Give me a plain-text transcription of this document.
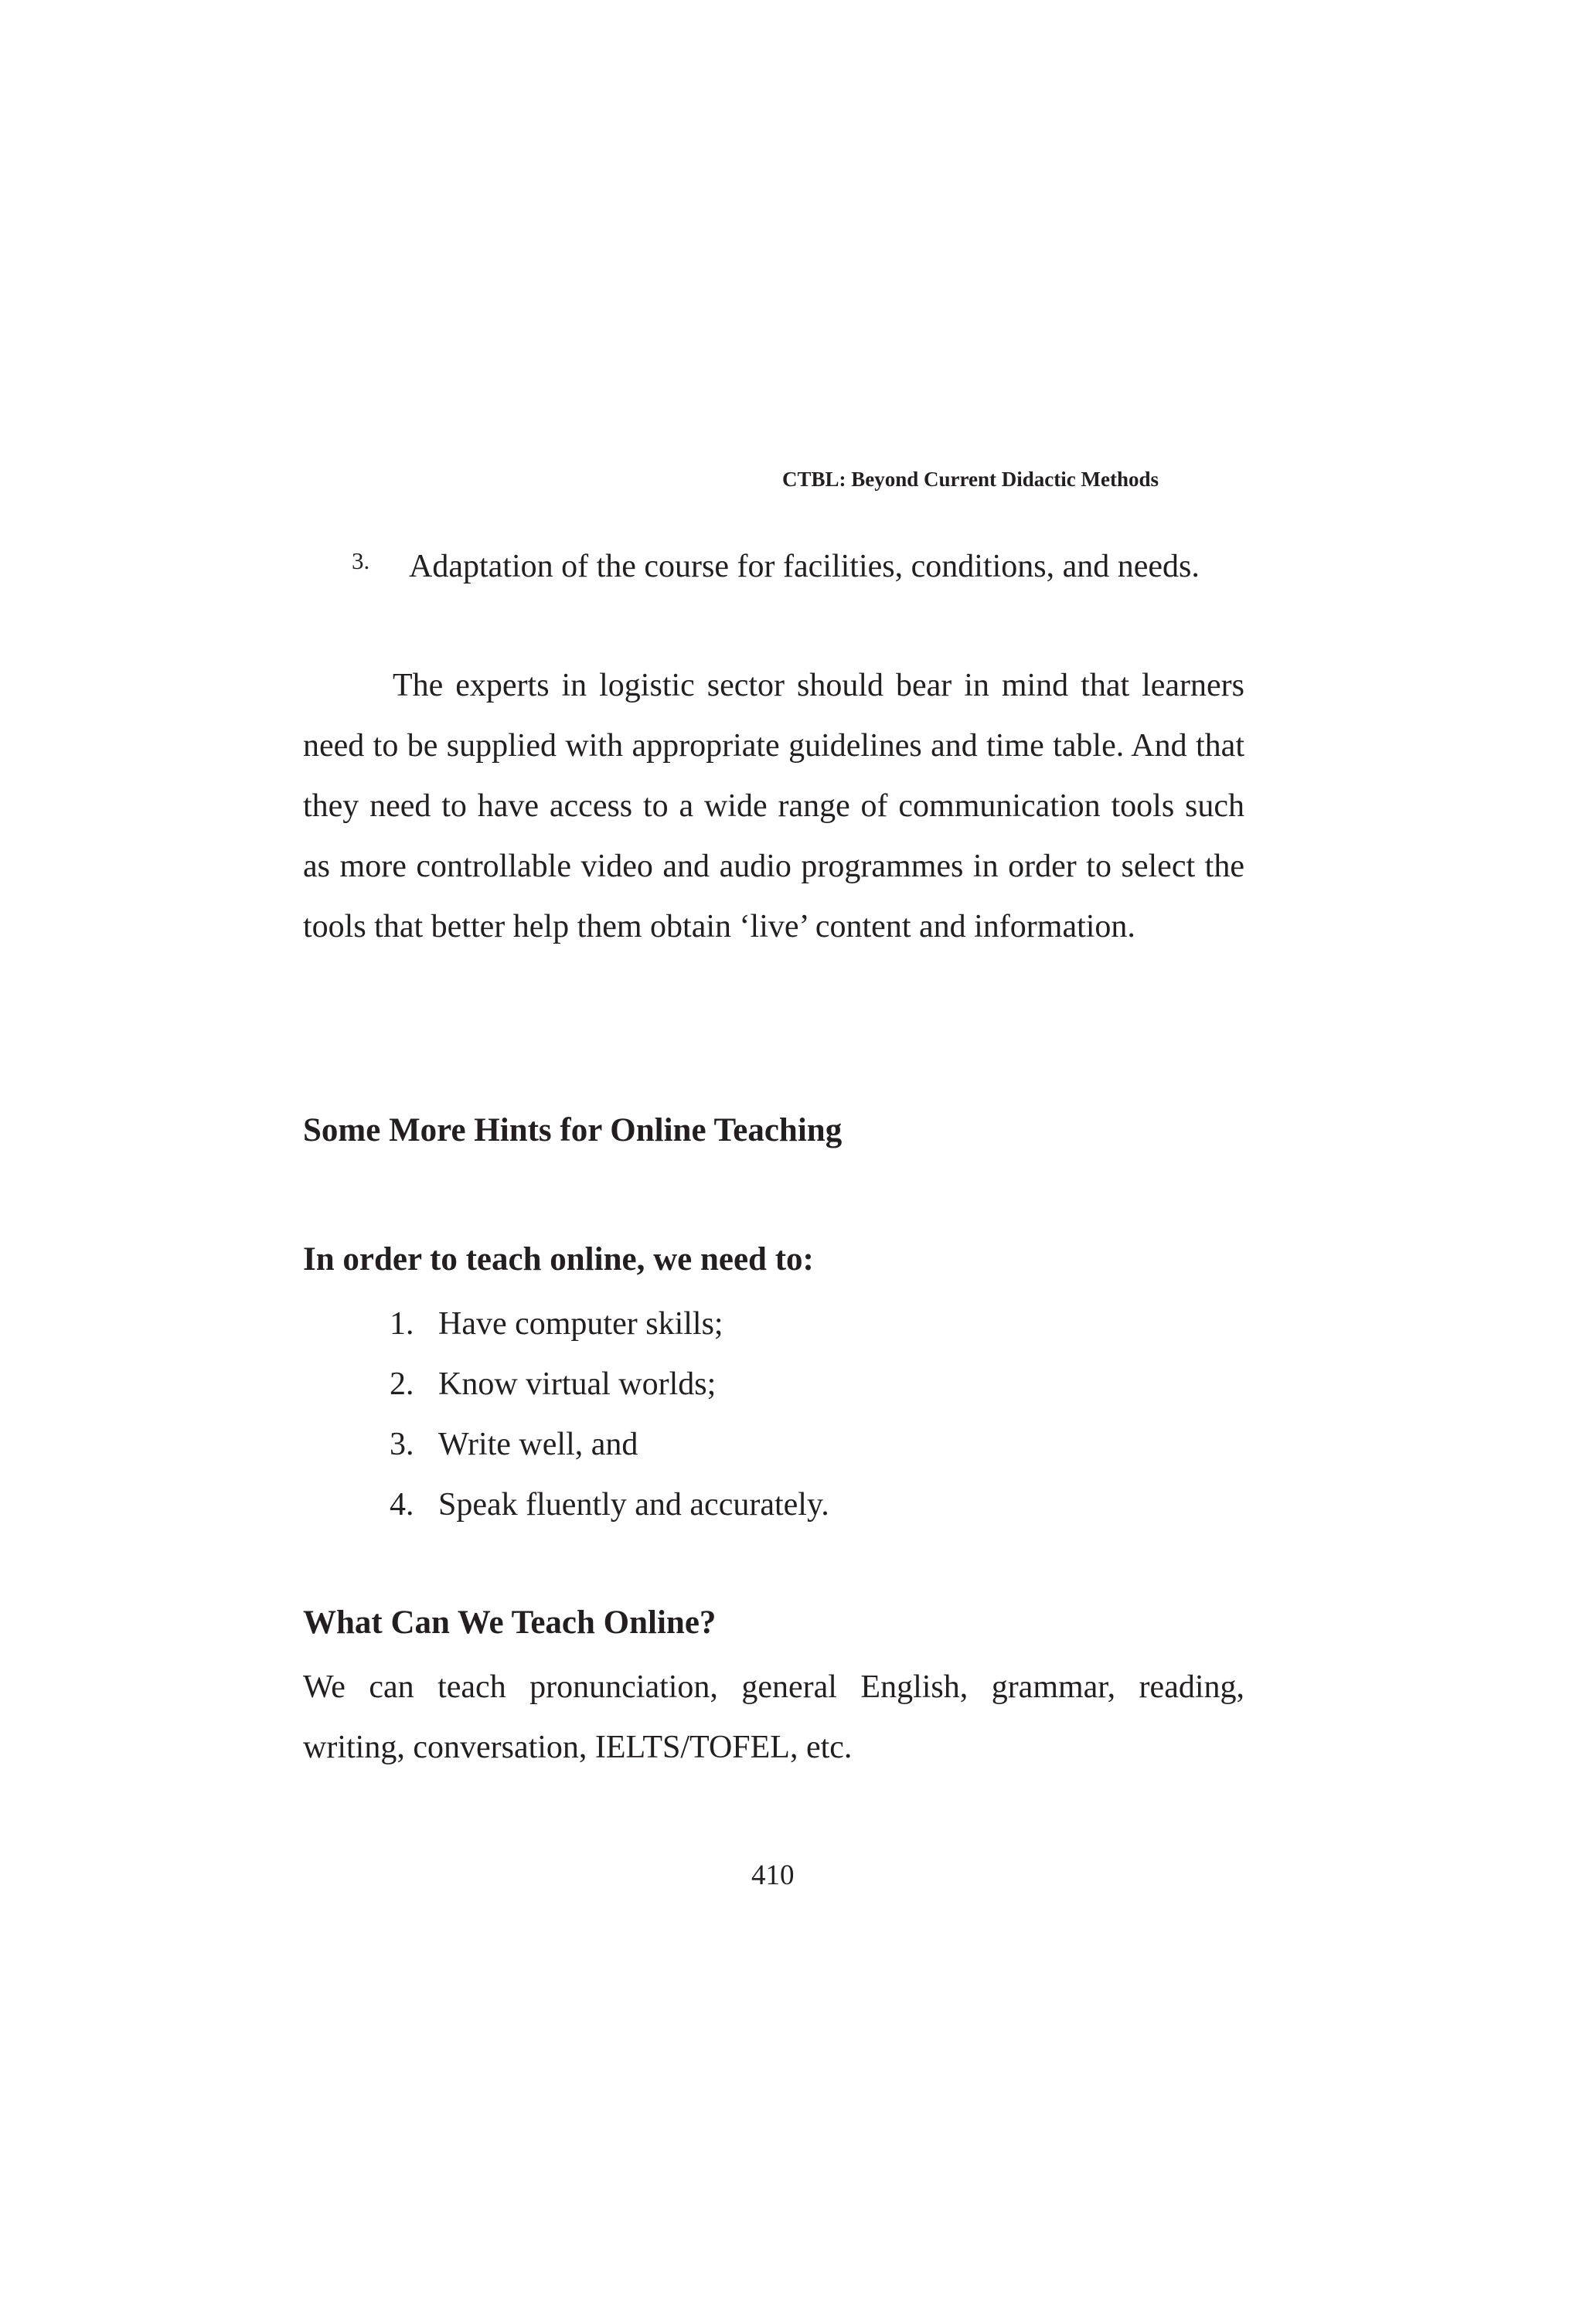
CTBL: Beyond Current Didactic Methods
3. Adaptation of the course for facilities, conditions, and needs.

The experts in logistic sector should bear in mind that learners need to be supplied with appropriate guidelines and time table. And that they need to have access to a wide range of communication tools such as more controllable video and audio programmes in order to select the tools that better help them obtain ‘live’ content and information.

Some More Hints for Online Teaching
In order to teach online, we need to:
1. Have computer skills;
2. Know virtual worlds;
3. Write well, and
4. Speak fluently and accurately.
What Can We Teach Online?

We can teach pronunciation, general English, grammar, reading, writing, conversation, IELTS/TOFEL, etc.

410
